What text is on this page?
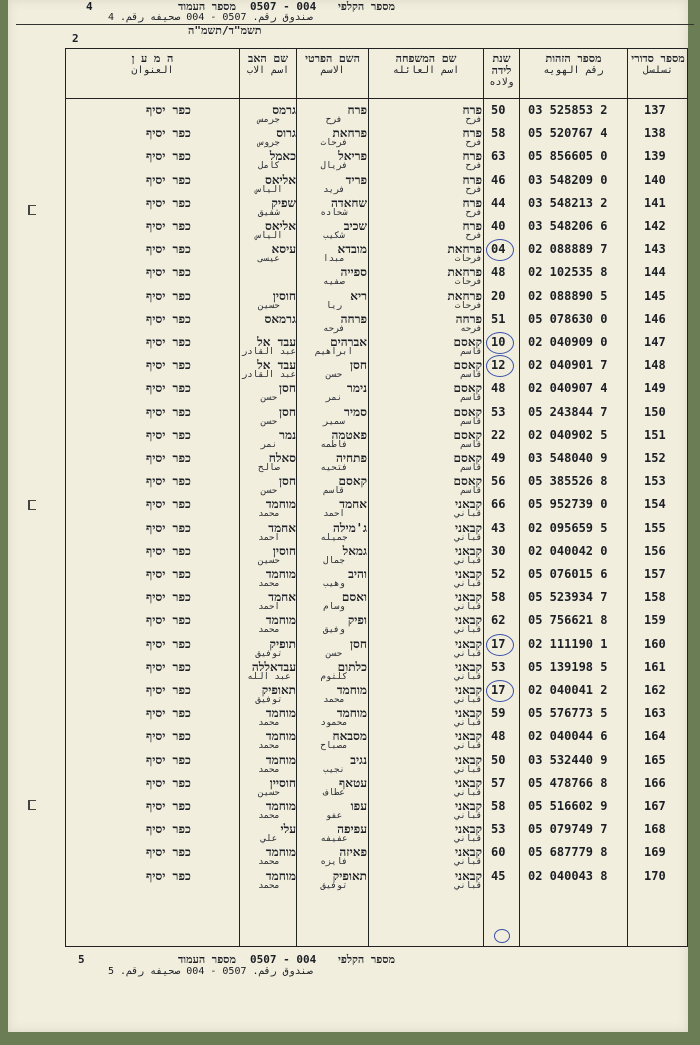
4	מספר העמוד 0507 - 004 מספר הקלפי
صندوق رقم. 0507 - 004 صحيفه رقم. 4
תשמ"ד/תשמ"ה
2
מספר סדורי
تسلسل
מספר הזהות
رقم الهويه
שנת לידה
ولاده
שם המשפחה
اسم العائله
השם הפרטי
الاسم
שם האב
اسم الاب
ה מ ע ן
العنوان
137
03 525853 2
50
פרח
فرح
פרח
فرح
גרמס
جرمس
כפר יסיף
138
05 520767 4
58
פרח
فرح
פרחאת
فرحات
גרוס
جروس
כפר יסיף
139
05 856605 0
63
פרח
فرح
פריאל
فريال
כאמל
كامل
כפר יסיף
140
03 548209 0
46
פרח
فرح
פריד
فريد
אליאס
الياس
כפר יסיף
141
03 548213 2
44
פרח
فرح
שחאדה
شحاده
שפיק
شفيق
כפר יסיף
142
03 548206 6
40
פרח
فرح
שכיב
شكيب
אליאס
الياس
כפר יסיף
143
02 088889 7
04
פרחאת
فرحات
מובדא
مبدا
עיסא
عيسى
כפר יסיף
144
02 102535 8
48
פרחאת
فرحات
ספייה
صفيه
כפר יסיף
145
02 088890 5
20
פרחאת
فرحات
ריא
ريا
חוסין
حسين
כפר יסיף
146
05 078630 0
51
פרחה
فرحه
פרחה
فرحه
גרמאס
כפר יסיף
147
02 040909 0
10
קאסם
قاسم
אברהים
ابراهيم
עבד אל
عبد القادر
כפר יסיף
148
02 040901 7
12
קאסם
قاسم
חסן
حسن
עבד אל
عبد القادر
כפר יסיף
149
02 040907 4
48
קאסם
قاسم
נימר
نمر
חסן
حسن
כפר יסיף
150
05 243844 7
53
קאסם
قاسم
סמיר
سمير
חסן
حسن
כפר יסיף
151
02 040902 5
22
קאסם
قاسم
פאטמה
فاطمه
נמר
نمر
כפר יסיף
152
03 548040 9
49
קאסם
قاسم
פתחיה
فتحيه
סאלח
صالح
כפר יסיף
153
05 385526 8
56
קאסם
قاسم
קאסם
قاسم
חסן
حسن
כפר יסיף
154
05 952739 0
66
קבאני
قباني
אחמד
احمد
מוחמד
محمد
כפר יסיף
155
02 095659 5
43
קבאני
قباني
ג'מילה
جميله
אחמד
احمد
כפר יסיף
156
02 040042 0
30
קבאני
قباني
גמאל
جمال
חוסין
حسين
כפר יסיף
157
05 076015 6
52
קבאני
قباني
והיב
وهيب
מוחמד
محمد
כפר יסיף
158
05 523934 7
58
קבאני
قباني
ואסם
وسام
אחמד
احمد
כפר יסיף
159
05 756621 8
62
קבאני
قباني
ופיק
وفيق
מוחמד
محمد
כפר יסיף
160
02 111190 1
17
קבאני
قباني
חסן
حسن
תופיק
توفيق
כפר יסיף
161
05 139198 5
53
קבאני
قباني
כלתום
كلثوم
עבדאללה
عبد الله
כפר יסיף
162
02 040041 2
17
קבאני
قباني
מוחמד
محمد
תאופיק
توفيق
כפר יסיף
163
05 576773 5
59
קבאני
قباني
מוחמד
محمود
מוחמד
محمد
כפר יסיף
164
02 040044 6
48
קבאני
قباني
מסבאח
مصباح
מוחמד
محمد
כפר יסיף
165
03 532440 9
50
קבאני
قباني
נגיב
نجيب
מוחמד
محمد
כפר יסיף
166
05 478766 8
57
קבאני
قباني
עטאף
عطاف
חוסיין
حسين
כפר יסיף
167
05 516602 9
58
קבאני
قباني
עפו
عفو
מוחמד
محمد
כפר יסיף
168
05 079749 7
53
קבאני
قباني
עפיפה
عفيفه
עלי
علي
כפר יסיף
169
05 687779 8
60
קבאני
قباني
פאיזה
فايزه
מוחמד
محمد
כפר יסיף
170
02 040043 8
45
קבאני
قباني
תאופיק
توفيق
מוחמד
محمد
כפר יסיף
5	מספר העמוד 0507 - 004 מספר הקלפי
صندوق رقم. 0507 - 004 صحيفه رقم. 5
